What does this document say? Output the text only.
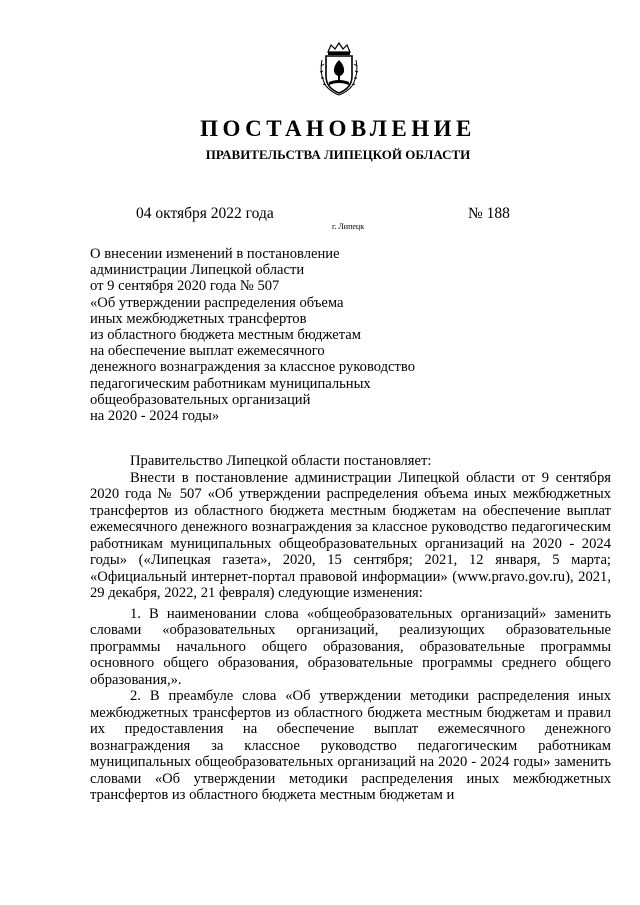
ПОСТАНОВЛЕНИЕ
ПРАВИТЕЛЬСТВА ЛИПЕЦКОЙ ОБЛАСТИ
04 октября 2022 года
г. Липецк
№ 188
О внесении изменений в постановление
администрации Липецкой области
от 9 сентября 2020 года № 507
«Об утверждении распределения объема
иных межбюджетных трансфертов
из областного бюджета местным бюджетам
на обеспечение выплат ежемесячного
денежного вознаграждения за классное руководство
педагогическим работникам муниципальных
общеобразовательных организаций
на 2020 - 2024 годы»

Правительство Липецкой области постановляет:

Внести в постановление администрации Липецкой области от 9 сентября 2020 года № 507 «Об утверждении распределения объема иных межбюджетных трансфертов из областного бюджета местным бюджетам на обеспечение выплат ежемесячного денежного вознаграждения за классное руководство педагогическим работникам муниципальных общеобразовательных организаций на 2020 - 2024 годы» («Липецкая газета», 2020, 15 сентября; 2021, 12 января, 5 марта; «Официальный интернет-портал правовой информации» (www.pravo.gov.ru), 2021, 29 декабря, 2022, 21 февраля) следующие изменения:

1. В наименовании слова «общеобразовательных организаций» заменить словами «образовательных организаций, реализующих образовательные программы начального общего образования, образовательные программы основного общего образования, образовательные программы среднего общего образования,».

2. В преамбуле слова «Об утверждении методики распределения иных межбюджетных трансфертов из областного бюджета местным бюджетам и правил их предоставления на обеспечение выплат ежемесячного денежного вознаграждения за классное руководство педагогическим работникам муниципальных общеобразовательных организаций на 2020 - 2024 годы» заменить словами «Об утверждении методики распределения иных межбюджетных трансфертов из областного бюджета местным бюджетам и
